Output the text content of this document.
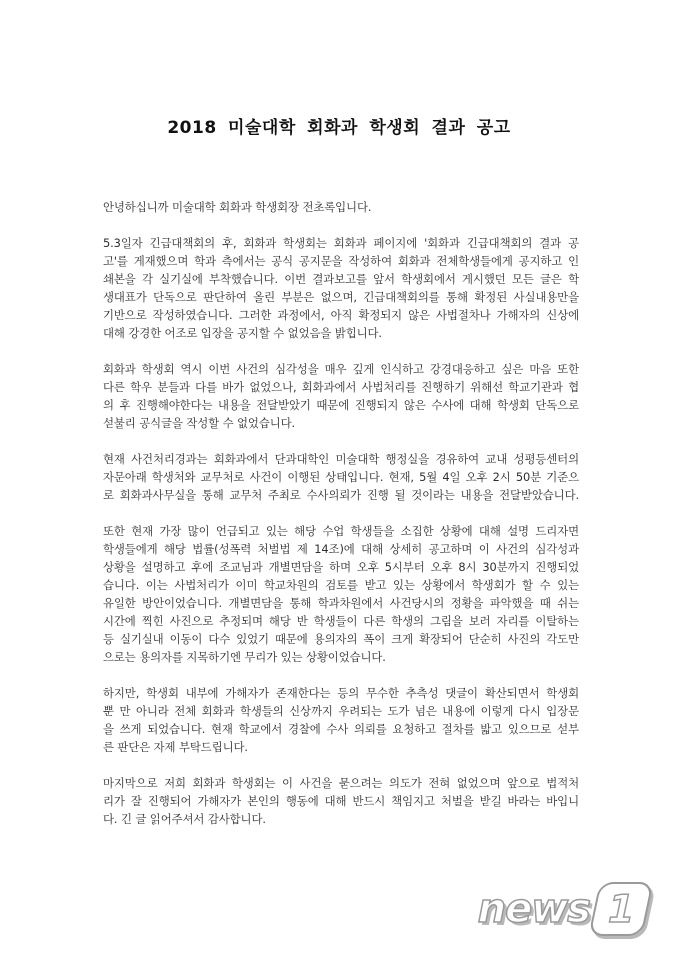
2018 미술대학 회화과 학생회 결과 공고
안녕하십니까 미술대학 회화과 학생회장 전초록입니다.
5.3일자 긴급대책회의 후, 회화과 학생회는 회화과 페이지에 '회화과 긴급대책회의 결과 공
고'를 게재했으며 학과 측에서는 공식 공지문을 작성하여 회화과 전체학생들에게 공지하고 인
쇄본을 각 실기실에 부착했습니다. 이번 결과보고를 앞서 학생회에서 게시했던 모든 글은 학
생대표가 단독으로 판단하여 올린 부분은 없으며, 긴급대책회의를 통해 확정된 사실내용만을
기반으로 작성하였습니다. 그러한 과정에서, 아직 확정되지 않은 사법절차나 가해자의 신상에
대해 강경한 어조로 입장을 공지할 수 없었음을 밝힙니다.
회화과 학생회 역시 이번 사건의 심각성을 매우 깊게 인식하고 강경대응하고 싶은 마음 또한
다른 학우 분들과 다를 바가 없었으나, 회화과에서 사법처리를 진행하기 위해선 학교기관과 협
의 후 진행해야한다는 내용을 전달받았기 때문에 진행되지 않은 수사에 대해 학생회 단독으로
섣불리 공식글을 작성할 수 없었습니다.
현재 사건처리경과는 회화과에서 단과대학인 미술대학 행정실을 경유하여 교내 성평등센터의
자문아래 학생처와 교무처로 사건이 이행된 상태입니다. 현재, 5월 4일 오후 2시 50분 기준으
로 회화과사무실을 통해 교무처 주최로 수사의뢰가 진행 될 것이라는 내용을 전달받았습니다.
또한 현재 가장 많이 언급되고 있는 해당 수업 학생들을 소집한 상황에 대해 설명 드리자면
학생들에게 해당 법률(성폭력 처벌법 제 14조)에 대해 상세히 공고하며 이 사건의 심각성과
상황을 설명하고 후에 조교님과 개별면담을 하며 오후 5시부터 오후 8시 30분까지 진행되었
습니다. 이는 사법처리가 이미 학교차원의 검토를 받고 있는 상황에서 학생회가 할 수 있는
유일한 방안이었습니다. 개별면담을 통해 학과차원에서 사건당시의 정황을 파악했을 때 쉬는
시간에 찍힌 사진으로 추정되며 해당 반 학생들이 다른 학생의 그림을 보러 자리를 이탈하는
등 실기실내 이동이 다수 있었기 때문에 용의자의 폭이 크게 확장되어 단순히 사진의 각도만
으로는 용의자를 지목하기엔 무리가 있는 상황이었습니다.
하지만, 학생회 내부에 가해자가 존재한다는 등의 무수한 추측성 댓글이 확산되면서 학생회
뿐 만 아니라 전체 회화과 학생들의 신상까지 우려되는 도가 넘은 내용에 이렇게 다시 입장문
을 쓰게 되었습니다. 현재 학교에서 경찰에 수사 의뢰를 요청하고 절차를 밟고 있으므로 섣부
른 판단은 자제 부탁드립니다.
마지막으로 저희 회화과 학생회는 이 사건을 묻으려는 의도가 전혀 없었으며 앞으로 법적처
리가 잘 진행되어 가해자가 본인의 행동에 대해 반드시 책임지고 처벌을 받길 바라는 바입니
다. 긴 글 읽어주셔서 감사합니다.
news 1
